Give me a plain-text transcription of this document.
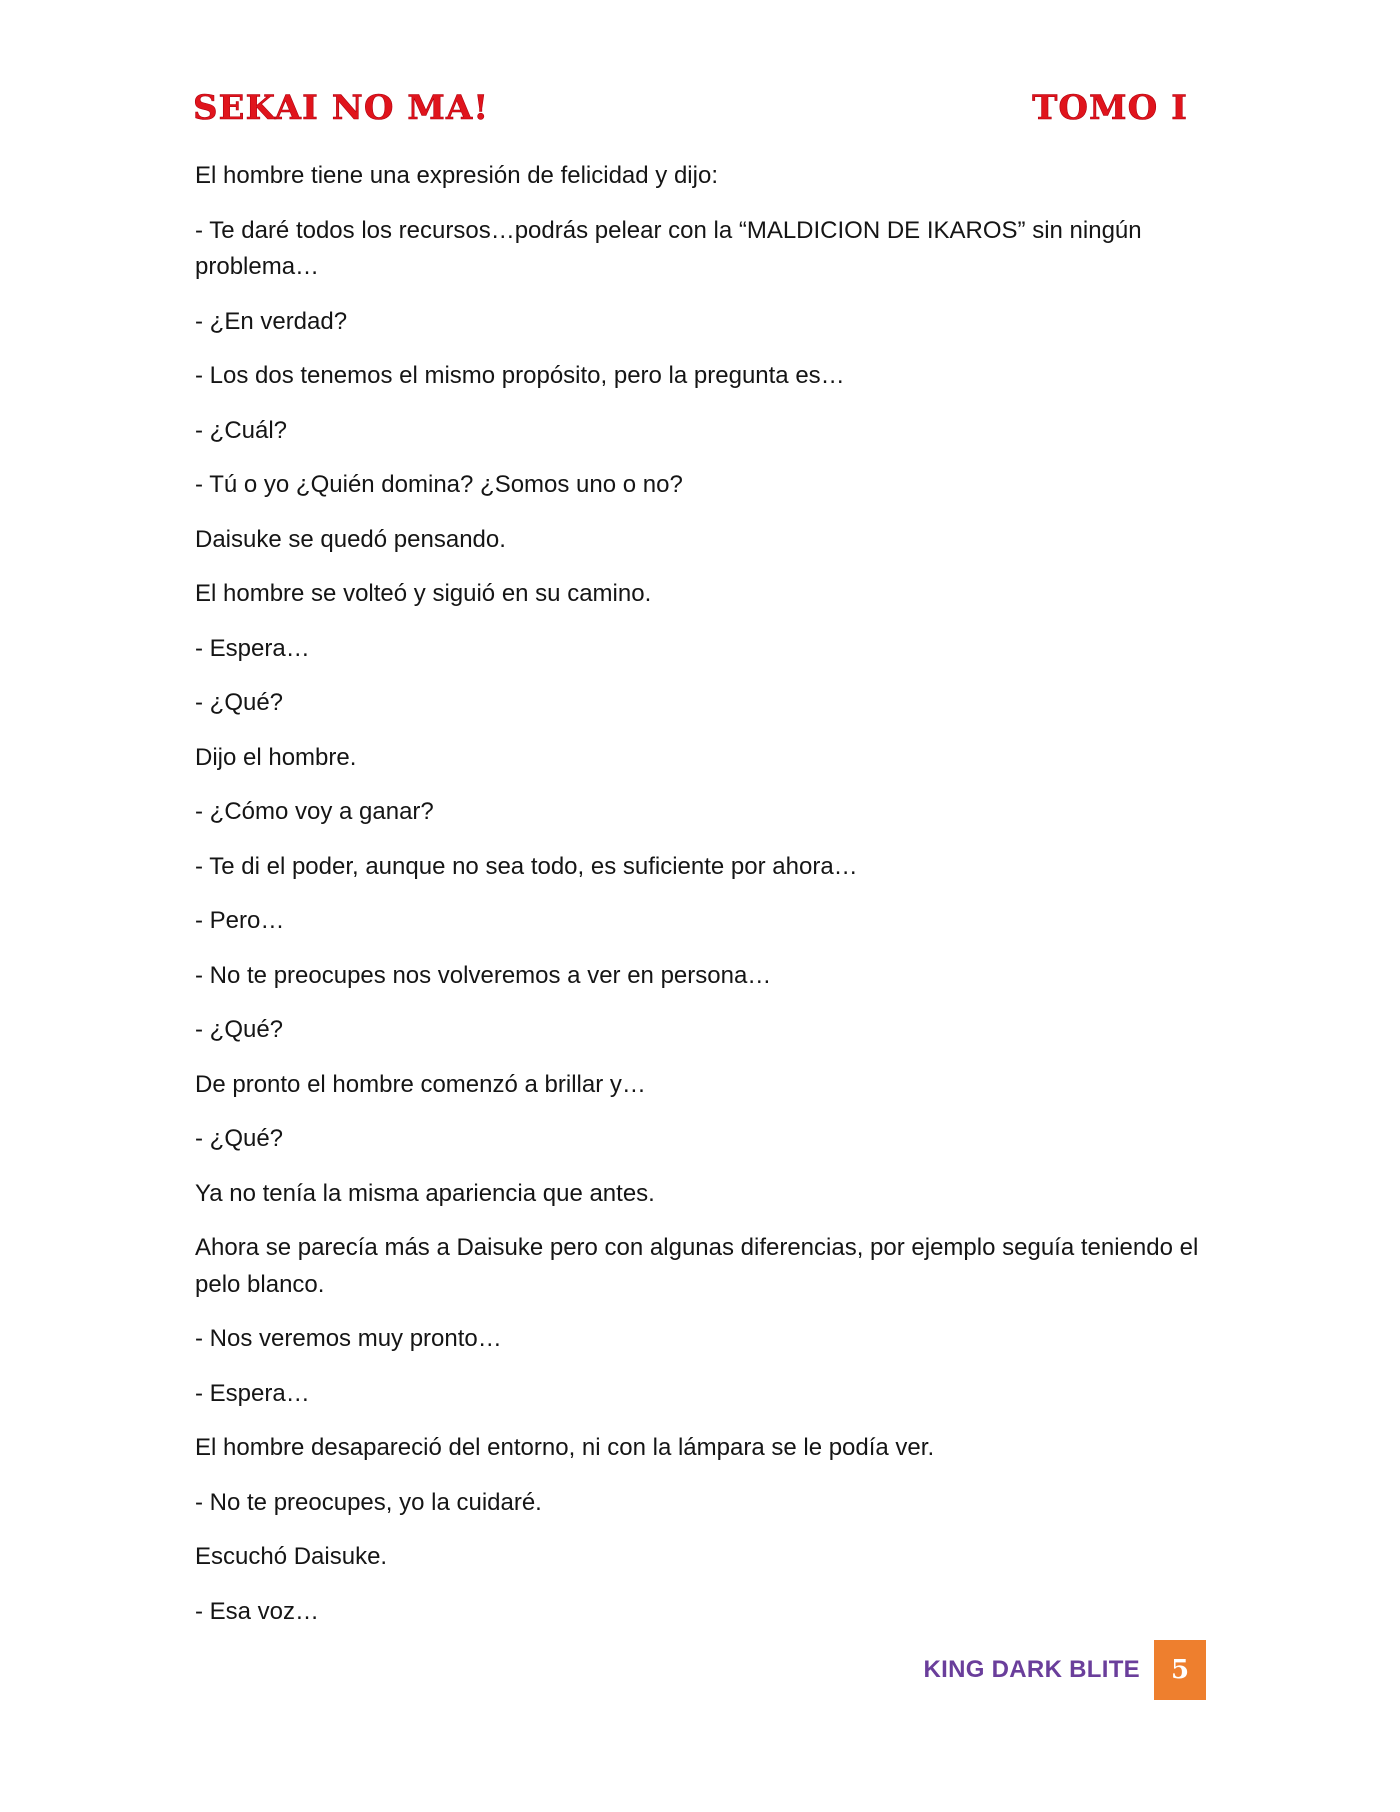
SEKAI NO MA!	TOMO I

El hombre tiene una expresión de felicidad y dijo:

- Te daré todos los recursos…podrás pelear con la “MALDICION DE IKAROS” sin ningún problema…

- ¿En verdad?

- Los dos tenemos el mismo propósito, pero la pregunta es…

- ¿Cuál?

- Tú o yo ¿Quién domina? ¿Somos uno o no?

Daisuke se quedó pensando.

El hombre se volteó y siguió en su camino.

- Espera…

- ¿Qué?

Dijo el hombre.

- ¿Cómo voy a ganar?

- Te di el poder, aunque no sea todo, es suficiente por ahora…

- Pero…

- No te preocupes nos volveremos a ver en persona…

- ¿Qué?

De pronto el hombre comenzó a brillar y…

- ¿Qué?

Ya no tenía la misma apariencia que antes.

Ahora se parecía más a Daisuke pero con algunas diferencias, por ejemplo seguía teniendo el pelo blanco.

- Nos veremos muy pronto…

- Espera…

El hombre desapareció del entorno, ni con la lámpara se le podía ver.

- No te preocupes, yo la cuidaré.

Escuchó Daisuke.

- Esa voz…

KING DARK BLITE	5
